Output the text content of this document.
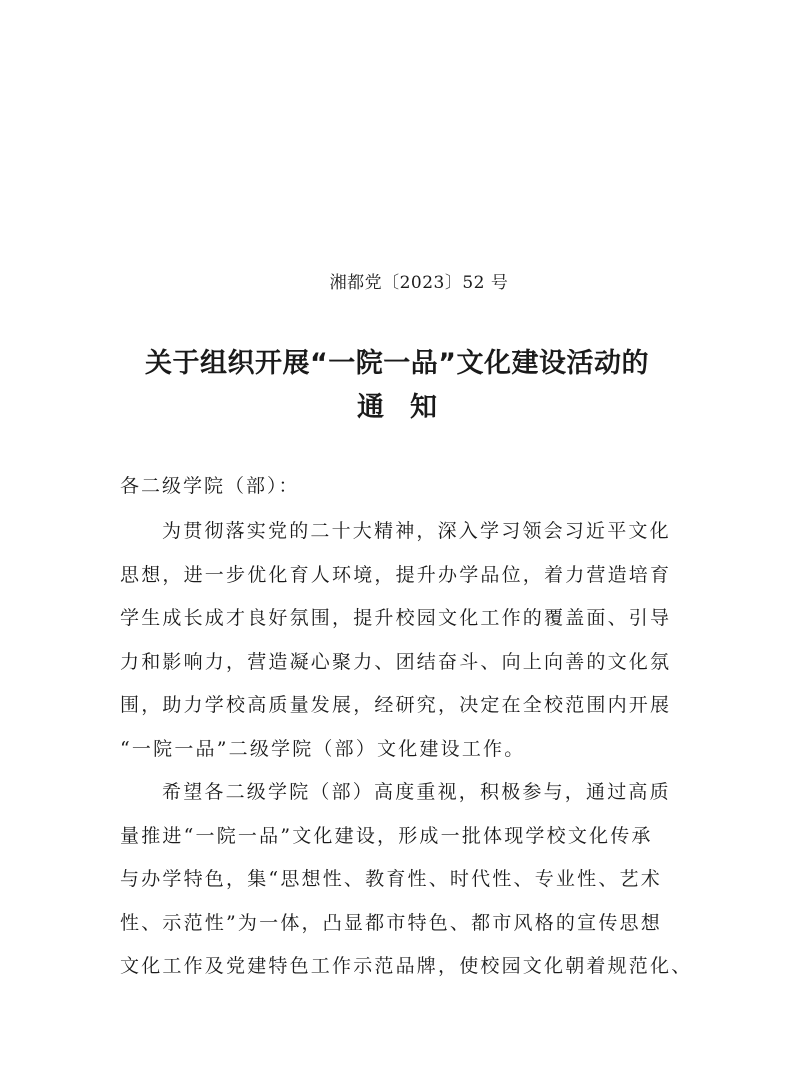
湘都党〔2023〕52 号
关于组织开展“一院一品”文化建设活动的
通知
各二级学院（部）：
为贯彻落实党的二十大精神，深入学习领会习近平文化
思想，进一步优化育人环境，提升办学品位，着力营造培育
学生成长成才良好氛围，提升校园文化工作的覆盖面、引导
力和影响力，营造凝心聚力、团结奋斗、向上向善的文化氛
围，助力学校高质量发展，经研究，决定在全校范围内开展
“一院一品”二级学院（部）文化建设工作。
希望各二级学院（部）高度重视，积极参与，通过高质
量推进“一院一品”文化建设，形成一批体现学校文化传承
与办学特色，集“思想性、教育性、时代性、专业性、艺术
性、示范性”为一体，凸显都市特色、都市风格的宣传思想
文化工作及党建特色工作示范品牌，使校园文化朝着规范化、
